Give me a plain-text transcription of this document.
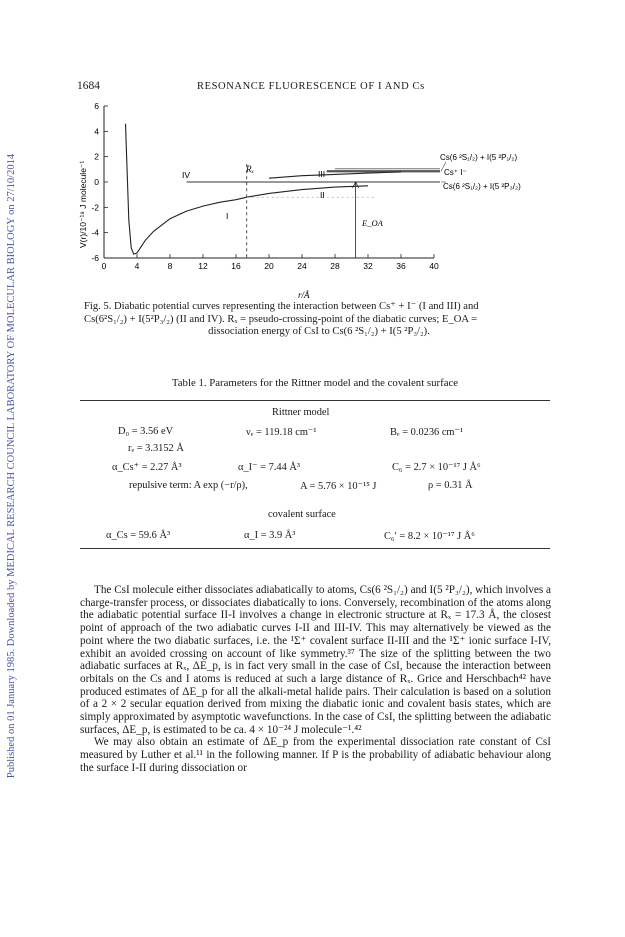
Published on 01 January 1985. Downloaded by MEDICAL RESEARCH COUNCIL LABORATORY OF MOLECULAR BIOLOGY on 27/10/2014
1684	RESONANCE FLUORESCENCE OF I AND Cs
0	4	8	12	16	20	24	28	32	36	40
6
4
2
0
-2
-4
-6
V(r)/10⁻¹⁹ J molecule⁻¹
r/Å
IV	III
II
I
Rₓ
E_OA
Cs(6 ²S₁/₂) + I(5 ²P₁/₂)
Cs⁺ I⁻
Cs(6 ²S₁/₂) + I(5 ²P₃/₂)
Fig. 5. Diabatic potential curves representing the interaction between Cs⁺ + I⁻ (I and III) and
Cs(6²S₁/₂) + I(5²P₃/₂) (II and IV). Rₓ = pseudo-crossing-point of the diabatic curves; E_OA =
dissociation energy of CsI to Cs(6 ²S₁/₂) + I(5 ²P₃/₂).
Table 1. Parameters for the Rittner model and the covalent surface
Rittner model
D₀ = 3.56 eV	νₑ = 119.18 cm⁻¹	Bₑ = 0.0236 cm⁻¹
rₑ = 3.3152 Å
α_Cs⁺ = 2.27 Å³	α_I⁻ = 7.44 Å³	C₆ = 2.7 × 10⁻¹⁷ J Å⁶
repulsive term: A exp (−r/ρ),	A = 5.76 × 10⁻¹⁵ J	ρ = 0.31 Å
covalent surface
α_Cs = 59.6 Å³	α_I = 3.9 Å³	C₆′ = 8.2 × 10⁻¹⁷ J Å⁶

The CsI molecule either dissociates adiabatically to atoms, Cs(6 ²S₁/₂) and I(5 ²P₃/₂), which involves a charge-transfer process, or dissociates diabatically to ions. Conversely, recombination of the atoms along the adiabatic potential surface II-I involves a change in electronic structure at Rₓ = 17.3 Å, the closest point of approach of the two adiabatic curves I-II and III-IV. This may alternatively be viewed as the point where the two diabatic surfaces, i.e. the ¹Σ⁺ covalent surface II-III and the ¹Σ⁺ ionic surface I-IV, exhibit an avoided crossing on account of like symmetry.³⁷ The size of the splitting between the two adiabatic surfaces at Rₓ, ΔE_p, is in fact very small in the case of CsI, because the interaction between orbitals on the Cs and I atoms is reduced at such a large distance of Rₓ. Grice and Herschbach⁴² have produced estimates of ΔE_p for all the alkali-metal halide pairs. Their calculation is based on a solution of a 2 × 2 secular equation derived from mixing the diabatic ionic and covalent basis states, which are simply approximated by asymptotic wavefunctions. In the case of CsI, the splitting between the adiabatic surfaces, ΔE_p, is estimated to be ca. 4 × 10⁻²⁴ J molecule⁻¹.⁴²

We may also obtain an estimate of ΔE_p from the experimental dissociation rate constant of CsI measured by Luther et al.¹¹ in the following manner. If P is the probability of adiabatic behaviour along the surface I-II during dissociation or
